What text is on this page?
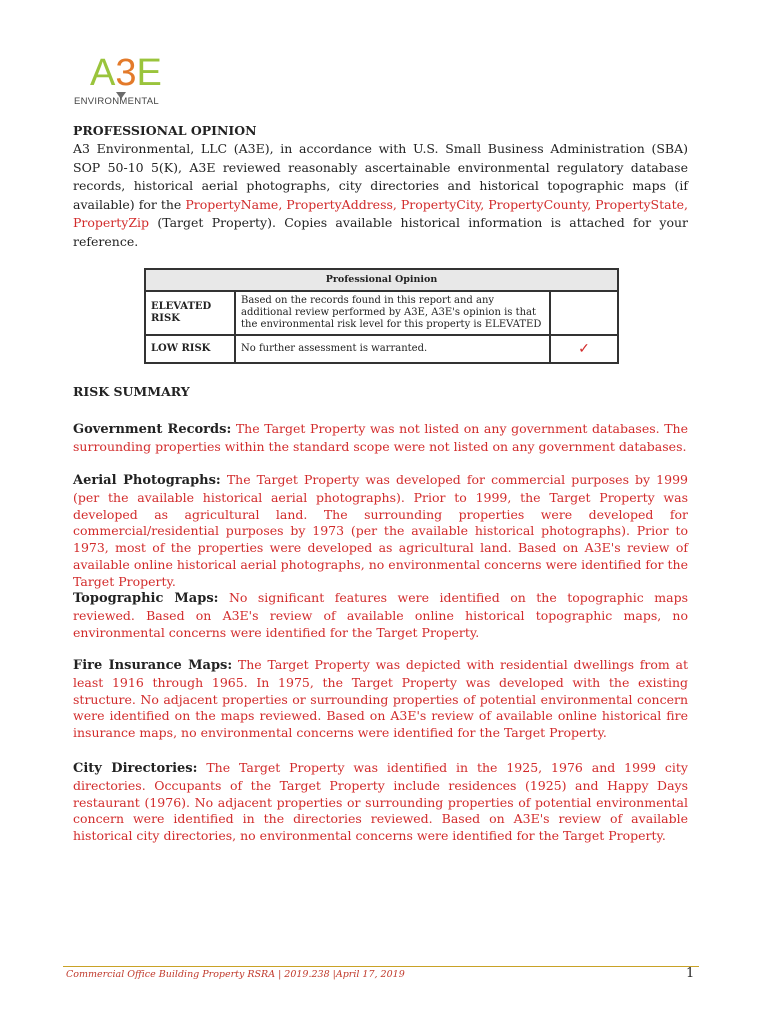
A 3 E
ENVIRONMENTAL

PROFESSIONAL OPINION

A3 Environmental, LLC (A3E), in accordance with U.S. Small Business Administration (SBA) SOP 50-10 5(K), A3E reviewed reasonably ascertainable environmental regulatory database records, historical aerial photographs, city directories and historical topographic maps (if available) for the PropertyName, PropertyAddress, PropertyCity, PropertyCounty, PropertyState, PropertyZip (Target Property). Copies available historical information is attached for your reference.

Professional Opinion		
ELEVATED RISK	Based on the records found in this report and any additional review performed by A3E, A3E's opinion is that the environmental risk level for this property is ELEVATED	
LOW RISK	No further assessment is warranted.	✓

RISK SUMMARY

Government Records: The Target Property was not listed on any government databases. The surrounding properties within the standard scope were not listed on any government databases.
Aerial Photographs: The Target Property was developed for commercial purposes by 1999 (per the available historical aerial photographs). Prior to 1999, the Target Property was developed as agricultural land. The surrounding properties were developed for commercial/residential purposes by 1973 (per the available historical photographs). Prior to 1973, most of the properties were developed as agricultural land. Based on A3E's review of available online historical aerial photographs, no environmental concerns were identified for the Target Property.
Topographic Maps: No significant features were identified on the topographic maps reviewed. Based on A3E's review of available online historical topographic maps, no environmental concerns were identified for the Target Property.
Fire Insurance Maps: The Target Property was depicted with residential dwellings from at least 1916 through 1965. In 1975, the Target Property was developed with the existing structure. No adjacent properties or surrounding properties of potential environmental concern were identified on the maps reviewed. Based on A3E's review of available online historical fire insurance maps, no environmental concerns were identified for the Target Property.
City Directories: The Target Property was identified in the 1925, 1976 and 1999 city directories. Occupants of the Target Property include residences (1925) and Happy Days restaurant (1976). No adjacent properties or surrounding properties of potential environmental concern were identified in the directories reviewed. Based on A3E's review of available historical city directories, no environmental concerns were identified for the Target Property.
Commercial Office Building Property RSRA | 2019.238 |April 17, 2019	1
